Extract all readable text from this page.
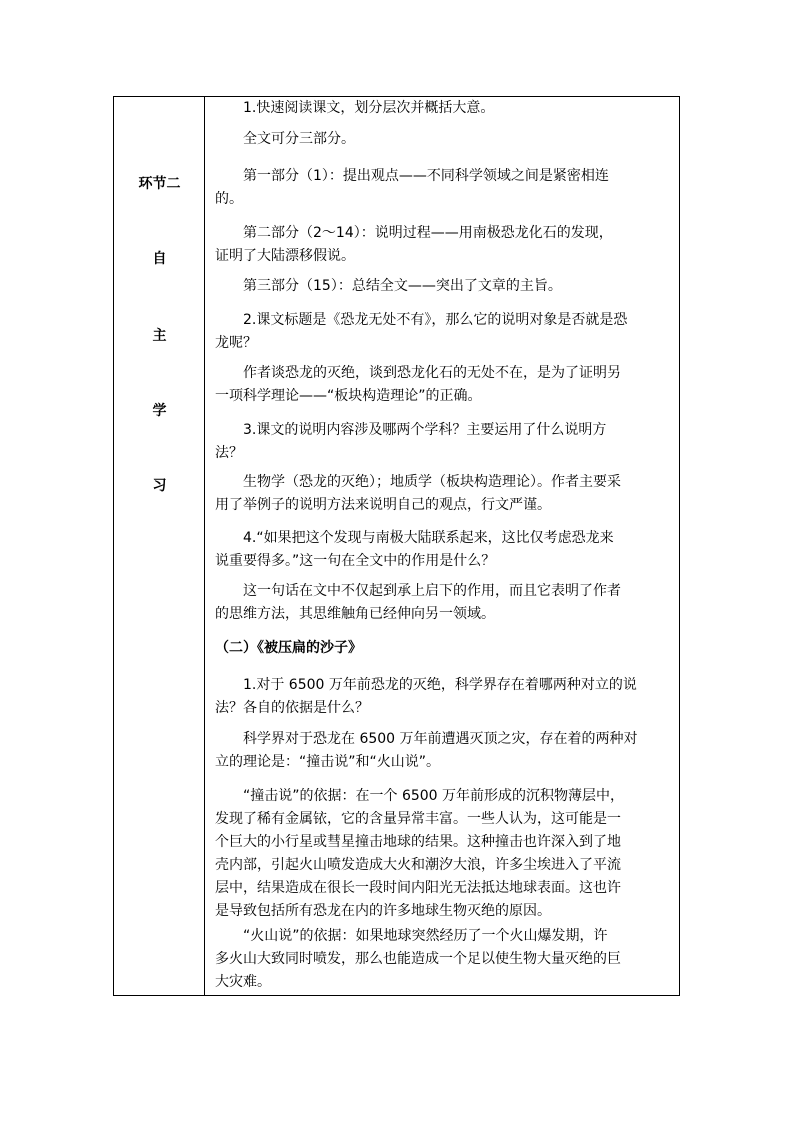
环节二
自
主
学
习

1.快速阅读课文，划分层次并概括大意。

全文可分三部分。

第一部分（1）：提出观点——不同科学领域之间是紧密相连
的。

第二部分（2～14）：说明过程——用南极恐龙化石的发现，
证明了大陆漂移假说。

第三部分（15）：总结全文——突出了文章的主旨。

2.课文标题是《恐龙无处不有》，那么它的说明对象是否就是恐
龙呢？

作者谈恐龙的灭绝，谈到恐龙化石的无处不在，是为了证明另
一项科学理论——“板块构造理论”的正确。

3.课文的说明内容涉及哪两个学科？主要运用了什么说明方
法？

生物学（恐龙的灭绝）；地质学（板块构造理论）。作者主要采
用了举例子的说明方法来说明自己的观点，行文严谨。

4.“如果把这个发现与南极大陆联系起来，这比仅考虑恐龙来
说重要得多。”这一句在全文中的作用是什么？

这一句话在文中不仅起到承上启下的作用，而且它表明了作者
的思维方法，其思维触角已经伸向另一领域。

（二）《被压扁的沙子》

1.对于 6500 万年前恐龙的灭绝，科学界存在着哪两种对立的说
法？各自的依据是什么？

科学界对于恐龙在 6500 万年前遭遇灭顶之灾，存在着的两种对
立的理论是：“撞击说”和“火山说”。

“撞击说”的依据：在一个 6500 万年前形成的沉积物薄层中，
发现了稀有金属铱，它的含量异常丰富。一些人认为，这可能是一
个巨大的小行星或彗星撞击地球的结果。这种撞击也许深入到了地
壳内部，引起火山喷发造成大火和潮汐大浪，许多尘埃进入了平流
层中，结果造成在很长一段时间内阳光无法抵达地球表面。这也许
是导致包括所有恐龙在内的许多地球生物灭绝的原因。

“火山说”的依据：如果地球突然经历了一个火山爆发期，许
多火山大致同时喷发，那么也能造成一个足以使生物大量灭绝的巨
大灾难。
